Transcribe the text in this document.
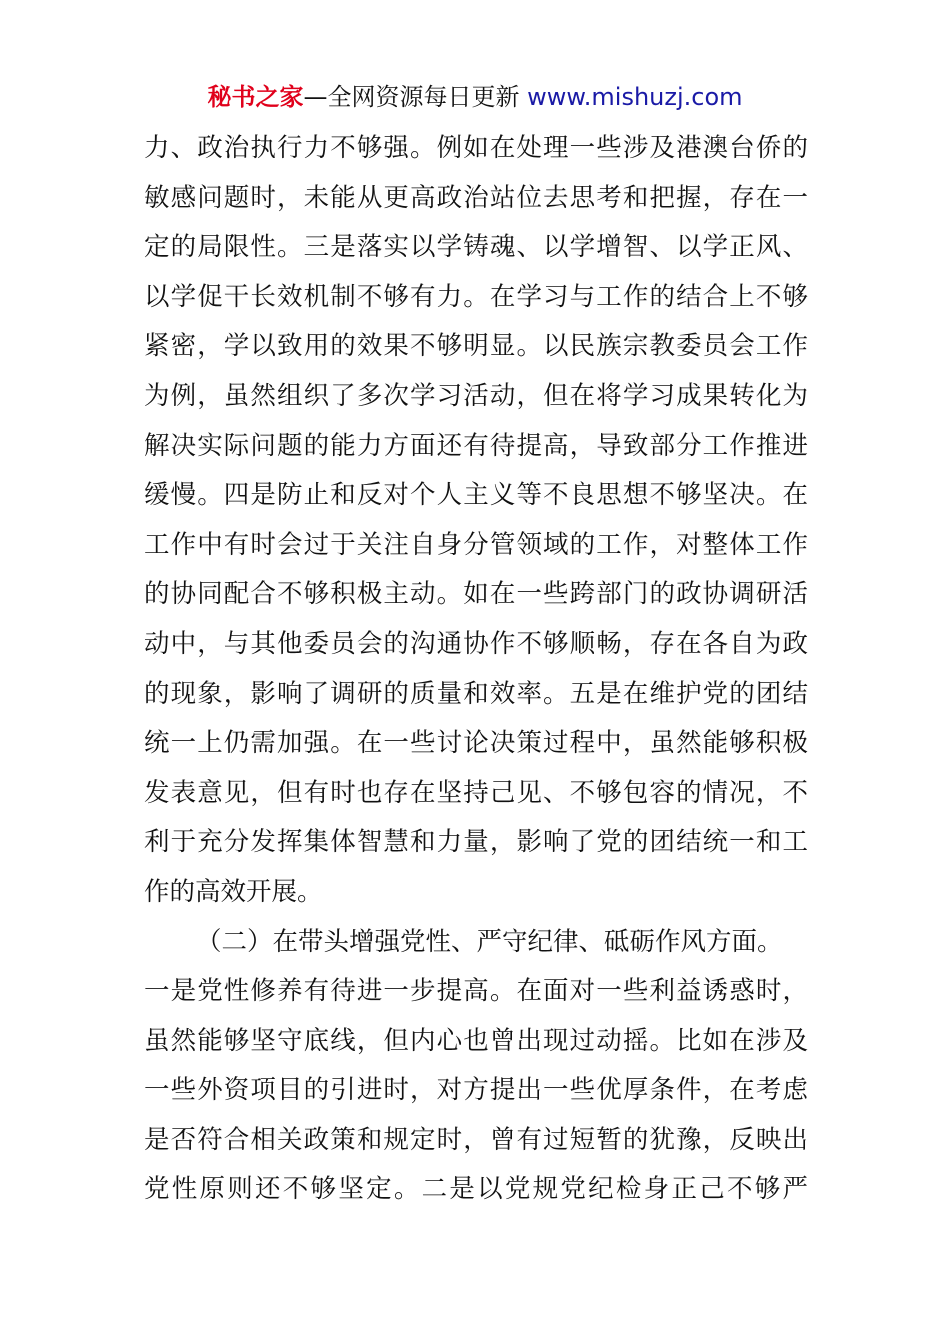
秘书之家—全网资源每日更新 www.mishuzj.com
力、政治执行力不够强。例如在处理一些涉及港澳台侨的
敏感问题时，未能从更高政治站位去思考和把握，存在一
定的局限性。三是落实以学铸魂、以学增智、以学正风、
以学促干长效机制不够有力。在学习与工作的结合上不够
紧密，学以致用的效果不够明显。以民族宗教委员会工作
为例，虽然组织了多次学习活动，但在将学习成果转化为
解决实际问题的能力方面还有待提高，导致部分工作推进
缓慢。四是防止和反对个人主义等不良思想不够坚决。在
工作中有时会过于关注自身分管领域的工作，对整体工作
的协同配合不够积极主动。如在一些跨部门的政协调研活
动中，与其他委员会的沟通协作不够顺畅，存在各自为政
的现象，影响了调研的质量和效率。五是在维护党的团结
统一上仍需加强。在一些讨论决策过程中，虽然能够积极
发表意见，但有时也存在坚持己见、不够包容的情况，不
利于充分发挥集体智慧和力量，影响了党的团结统一和工
作的高效开展。
（二）在带头增强党性、严守纪律、砥砺作风方面。
一是党性修养有待进一步提高。在面对一些利益诱惑时，
虽然能够坚守底线，但内心也曾出现过动摇。比如在涉及
一些外资项目的引进时，对方提出一些优厚条件，在考虑
是否符合相关政策和规定时，曾有过短暂的犹豫，反映出
党性原则还不够坚定。二是以党规党纪检身正己不够严
